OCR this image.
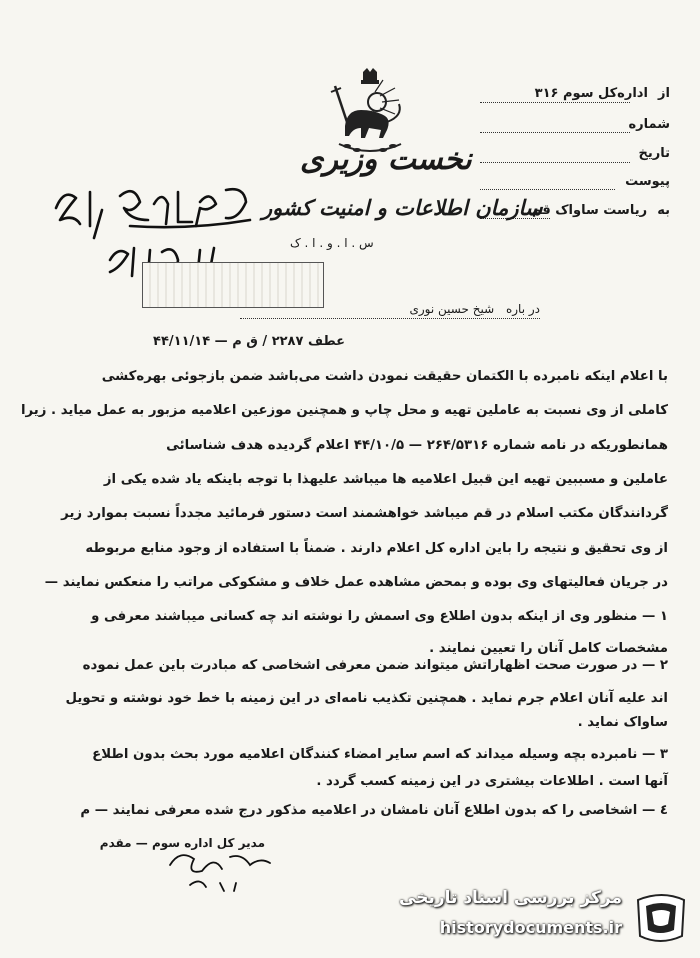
از اداره‌کل سوم ۳۱۶
شماره
تاریخ
پیوست
به ریاست ساواک قم
نخست وزیری
سازمان اطلاعات و امنیت کشور
س . ا . و . ا . ک
در باره شیخ حسین نوری
عطف ۲۲۸۷ / ق م — ۴۴/۱۱/۱۴
با اعلام اینکه نامبرده با الکتمان حقیقت نمودن داشت می‌باشد ضمن بازجوئی بهره‌کشی
کاملی از وی نسبت به عاملین تهیه و محل چاپ و همچنین موزعین اعلامیه مزبور به عمل میاید . زیرا
همانطوریکه در نامه شماره ۲۶۴/۵۳۱۶ — ۴۴/۱۰/۵ اعلام گردیده هدف شناسائی
عاملین و مسببین تهیه این قبیل اعلامیه ها میباشد علیهذا با توجه باینکه یاد شده یکی از
گردانندگان مکتب اسلام در قم میباشد خواهشمند است دستور فرمائید مجدداً نسبت بموارد زیر
از وی تحقیق و نتیجه را باین اداره کل اعلام دارند . ضمناً با استفاده از وجود منابع مربوطه
در جریان فعالیتهای وی بوده و بمحض مشاهده عمل خلاف و مشکوکی مراتب را منعکس نمایند —
۱ — منظور وی از اینکه بدون اطلاع وی اسمش را نوشته اند چه کسانی میباشند معرفی و
مشخصات کامل آنان را تعیین نمایند .
۲ — در صورت صحت اظهاراتش میتواند ضمن معرفی اشخاصی که مبادرت باین عمل نموده
اند علیه آنان اعلام جرم نماید . همچنین تکذیب نامه‌ای در این زمینه با خط خود نوشته و تحویل
ساواک نماید .
۳ — نامبرده بچه وسیله میداند که اسم سایر امضاء کنندگان اعلامیه مورد بحث بدون اطلاع
آنها است . اطلاعات بیشتری در این زمینه کسب گردد .
٤ — اشخاصی را که بدون اطلاع آنان نامشان در اعلامیه مذکور درج شده معرفی نمایند — م
مدیر کل اداره سوم — مقدم
مرکز بررسی اسناد تاریخی
historydocuments.ir
